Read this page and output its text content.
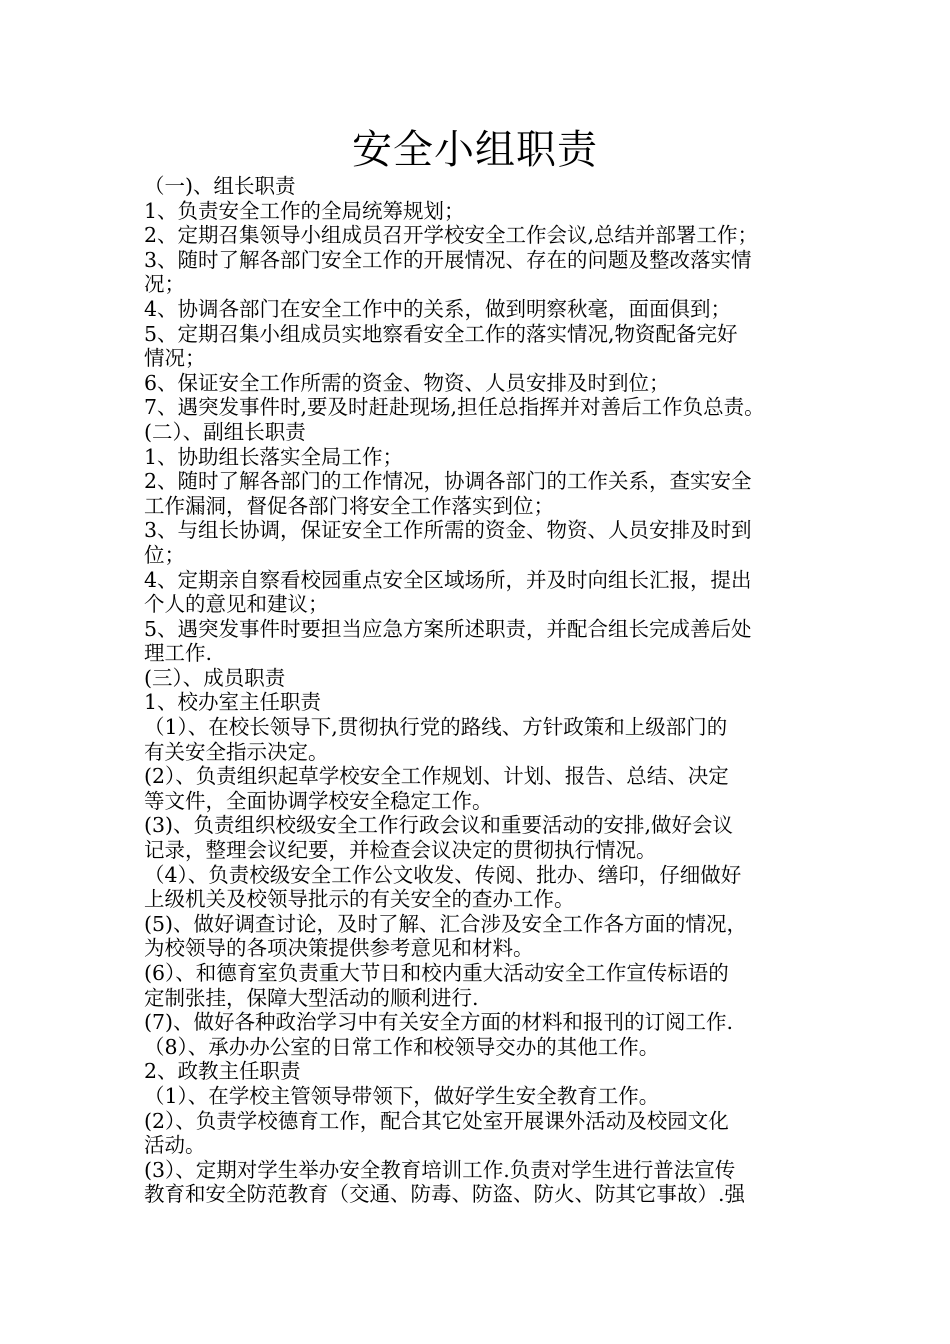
安全小组职责
（一)、组长职责
1、负责安全工作的全局统筹规划；
2、定期召集领导小组成员召开学校安全工作会议,总结并部署工作；
3、随时了解各部门安全工作的开展情况、存在的问题及整改落实情
况；
4、协调各部门在安全工作中的关系，做到明察秋毫，面面俱到；
5、定期召集小组成员实地察看安全工作的落实情况,物资配备完好
情况；
6、保证安全工作所需的资金、物资、人员安排及时到位；
7、遇突发事件时,要及时赶赴现场,担任总指挥并对善后工作负总责。
(二）、副组长职责
1、协助组长落实全局工作；
2、随时了解各部门的工作情况，协调各部门的工作关系，查实安全
工作漏洞，督促各部门将安全工作落实到位；
3、与组长协调，保证安全工作所需的资金、物资、人员安排及时到
位；
4、定期亲自察看校园重点安全区域场所，并及时向组长汇报，提出
个人的意见和建议；
5、遇突发事件时要担当应急方案所述职责，并配合组长完成善后处
理工作.
(三）、成员职责
1、校办室主任职责
（1）、在校长领导下,贯彻执行党的路线、方针政策和上级部门的
有关安全指示决定。
(2）、负责组织起草学校安全工作规划、计划、报告、总结、决定
等文件，全面协调学校安全稳定工作。
(3)、负责组织校级安全工作行政会议和重要活动的安排,做好会议
记录，整理会议纪要，并检查会议决定的贯彻执行情况。
（4）、负责校级安全工作公文收发、传阅、批办、缮印，仔细做好
上级机关及校领导批示的有关安全的查办工作。
(5)、做好调查讨论，及时了解、汇合涉及安全工作各方面的情况，
为校领导的各项决策提供参考意见和材料。
(6）、和德育室负责重大节日和校内重大活动安全工作宣传标语的
定制张挂，保障大型活动的顺利进行.
(7)、做好各种政治学习中有关安全方面的材料和报刊的订阅工作.
（8）、承办办公室的日常工作和校领导交办的其他工作。
2、政教主任职责
（1）、在学校主管领导带领下，做好学生安全教育工作。
(2）、负责学校德育工作，配合其它处室开展课外活动及校园文化
活动。
(3）、定期对学生举办安全教育培训工作.负责对学生进行普法宣传
教育和安全防范教育（交通、防毒、防盗、防火、防其它事故）.强
